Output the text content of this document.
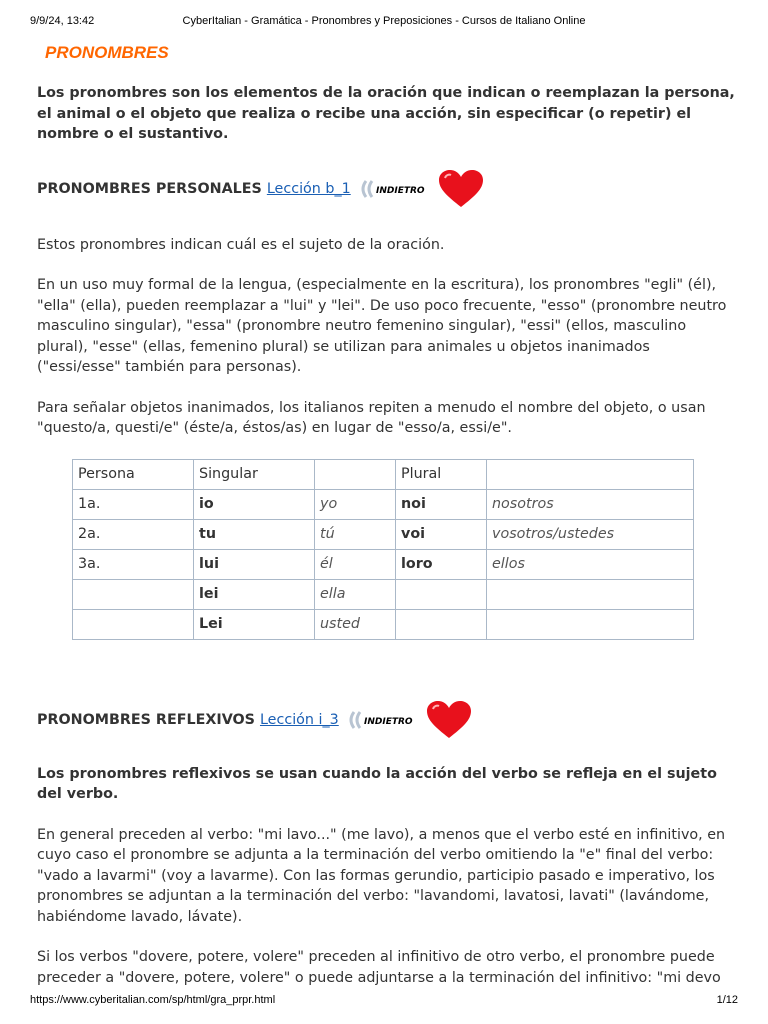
9/9/24, 13:42	CyberItalian - Gramática - Pronombres y Preposiciones - Cursos de Italiano Online
PRONOMBRES

Los pronombres son los elementos de la oración que indican o reemplazan la persona, el animal o el objeto que realiza o recibe una acción, sin especificar (o repetir) el nombre o el sustantivo.

PRONOMBRES PERSONALES Lección b_1	INDIETRO

Estos pronombres indican cuál es el sujeto de la oración.

En un uso muy formal de la lengua, (especialmente en la escritura), los pronombres "egli" (él), "ella" (ella), pueden reemplazar a "lui" y "lei". De uso poco frecuente, "esso" (pronombre neutro masculino singular), "essa" (pronombre neutro femenino singular), "essi" (ellos, masculino plural), "esse" (ellas, femenino plural) se utilizan para animales u objetos inanimados ("essi/esse" también para personas).

Para señalar objetos inanimados, los italianos repiten a menudo el nombre del objeto, o usan "questo/a, questi/e" (éste/a, éstos/as) en lugar de "esso/a, essi/e".

Persona	Singular		Plural	
1a.	io	yo	noi	nosotros
2a.	tu	tú	voi	vosotros/ustedes
3a.	lui	él	loro	ellos
	lei	ella		
	Lei	usted		
PRONOMBRES REFLEXIVOS Lección i_3	INDIETRO

Los pronombres reflexivos se usan cuando la acción del verbo se refleja en el sujeto del verbo.

En general preceden al verbo: "mi lavo..." (me lavo), a menos que el verbo esté en infinitivo, en cuyo caso el pronombre se adjunta a la terminación del verbo omitiendo la "e" final del verbo: "vado a lavarmi" (voy a lavarme). Con las formas gerundio, participio pasado e imperativo, los pronombres se adjuntan a la terminación del verbo: "lavandomi, lavatosi, lavati" (lavándome, habiéndome lavado, lávate).

Si los verbos "dovere, potere, volere" preceden al infinitivo de otro verbo, el pronombre puede preceder a "dovere, potere, volere" o puede adjuntarse a la terminación del infinitivo: "mi devo

https://www.cyberitalian.com/sp/html/gra_prpr.html	1/12
